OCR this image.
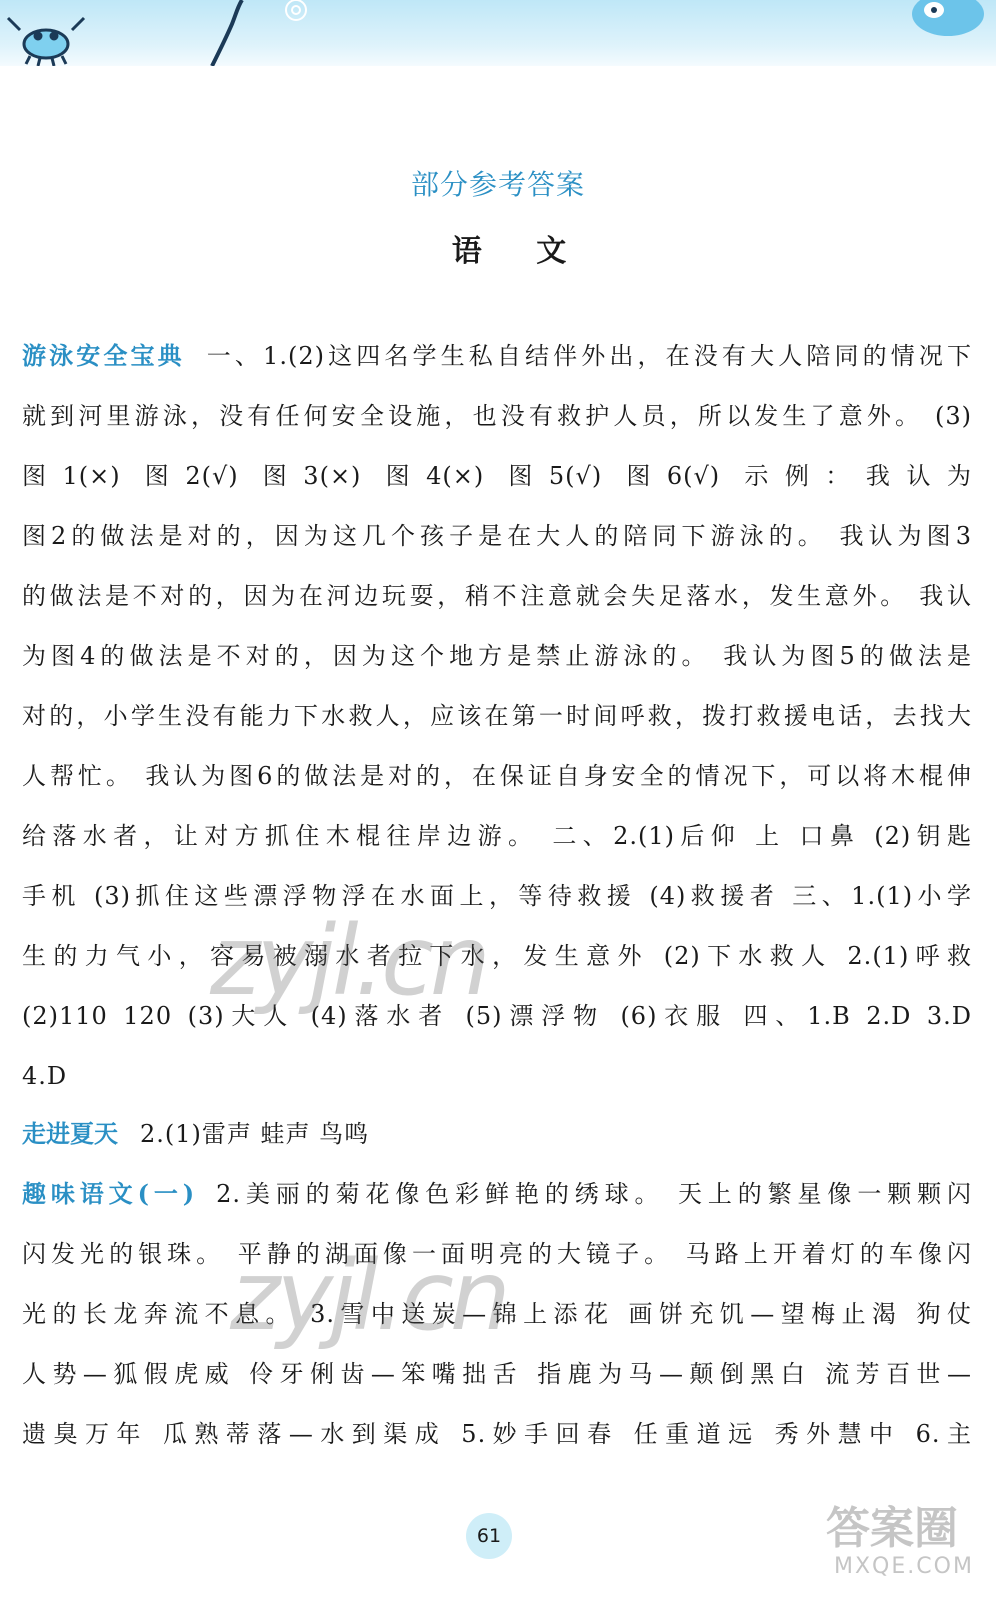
部分参考答案
语 文
游泳安全宝典 一、1.(2)这四名学生私自结伴外出，在没有大人陪同的情况下
就到河里游泳，没有任何安全设施，也没有救护人员，所以发生了意外。 (3)
图1(×) 图2(√) 图3(×) 图4(×) 图5(√) 图6(√) 示例：我认为
图2的做法是对的，因为这几个孩子是在大人的陪同下游泳的。 我认为图3
的做法是不对的，因为在河边玩耍，稍不注意就会失足落水，发生意外。 我认
为图4的做法是不对的，因为这个地方是禁止游泳的。 我认为图5的做法是
对的，小学生没有能力下水救人，应该在第一时间呼救，拨打救援电话，去找大
人帮忙。 我认为图6的做法是对的，在保证自身安全的情况下，可以将木棍伸
给落水者，让对方抓住木棍往岸边游。 二、2.(1)后仰 上 口鼻 (2)钥匙
手机 (3)抓住这些漂浮物浮在水面上，等待救援 (4)救援者 三、1.(1)小学
生的力气小，容易被溺水者拉下水，发生意外 (2)下水救人 2.(1)呼救
(2)110 120 (3)大人 (4)落水者 (5)漂浮物 (6)衣服 四、1.B 2.D 3.D
4.D
走进夏天 2.(1)雷声 蛙声 鸟鸣
趣味语文(一) 2.美丽的菊花像色彩鲜艳的绣球。 天上的繁星像一颗颗闪
闪发光的银珠。 平静的湖面像一面明亮的大镜子。 马路上开着灯的车像闪
光的长龙奔流不息。 3.雪中送炭—锦上添花 画饼充饥—望梅止渴 狗仗
人势—狐假虎威 伶牙俐齿—笨嘴拙舌 指鹿为马—颠倒黑白 流芳百世—
遗臭万年 瓜熟蒂落—水到渠成 5.妙手回春 任重道远 秀外慧中 6.主
zyjl.cn
zyjl.cn
61	答案圈
MXQE.COM
